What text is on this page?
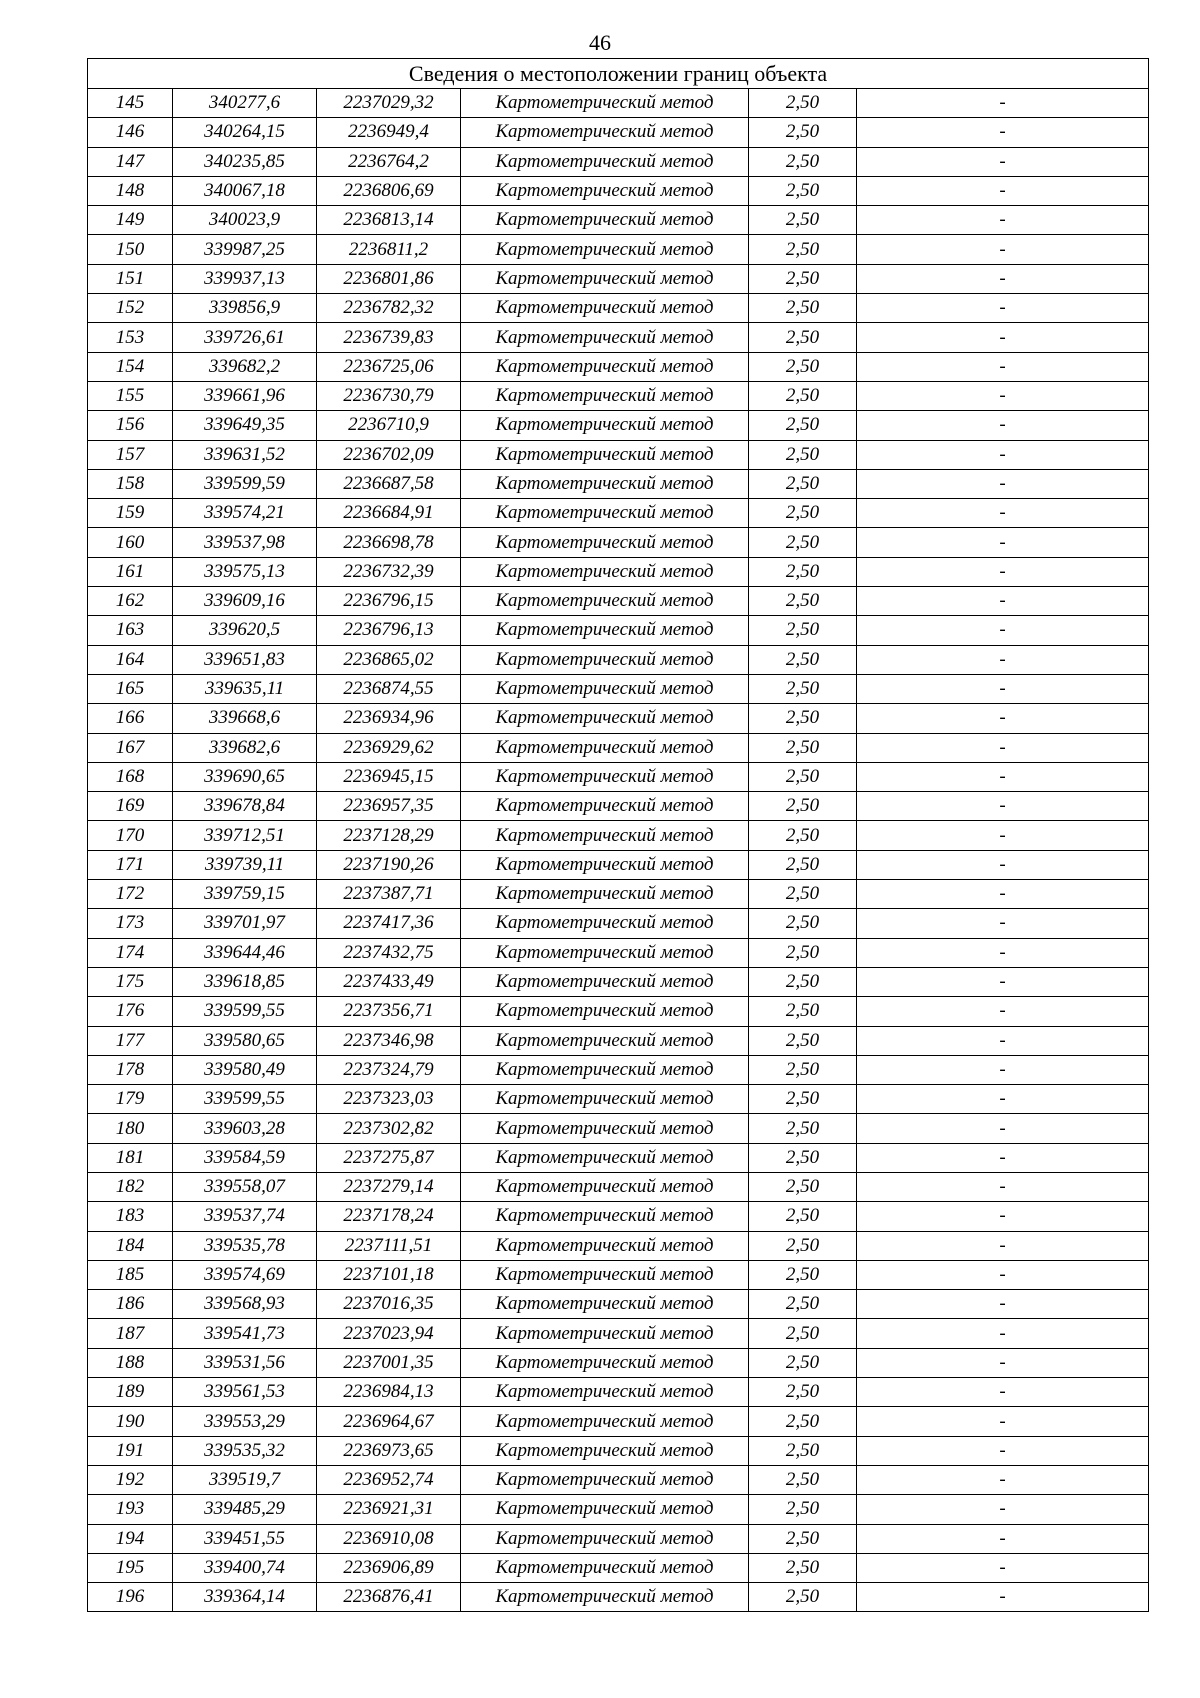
46
Сведения о местоположении границ объекта					
145	340277,6	2237029,32	Картометрический метод	2,50	-
146	340264,15	2236949,4	Картометрический метод	2,50	-
147	340235,85	2236764,2	Картометрический метод	2,50	-
148	340067,18	2236806,69	Картометрический метод	2,50	-
149	340023,9	2236813,14	Картометрический метод	2,50	-
150	339987,25	2236811,2	Картометрический метод	2,50	-
151	339937,13	2236801,86	Картометрический метод	2,50	-
152	339856,9	2236782,32	Картометрический метод	2,50	-
153	339726,61	2236739,83	Картометрический метод	2,50	-
154	339682,2	2236725,06	Картометрический метод	2,50	-
155	339661,96	2236730,79	Картометрический метод	2,50	-
156	339649,35	2236710,9	Картометрический метод	2,50	-
157	339631,52	2236702,09	Картометрический метод	2,50	-
158	339599,59	2236687,58	Картометрический метод	2,50	-
159	339574,21	2236684,91	Картометрический метод	2,50	-
160	339537,98	2236698,78	Картометрический метод	2,50	-
161	339575,13	2236732,39	Картометрический метод	2,50	-
162	339609,16	2236796,15	Картометрический метод	2,50	-
163	339620,5	2236796,13	Картометрический метод	2,50	-
164	339651,83	2236865,02	Картометрический метод	2,50	-
165	339635,11	2236874,55	Картометрический метод	2,50	-
166	339668,6	2236934,96	Картометрический метод	2,50	-
167	339682,6	2236929,62	Картометрический метод	2,50	-
168	339690,65	2236945,15	Картометрический метод	2,50	-
169	339678,84	2236957,35	Картометрический метод	2,50	-
170	339712,51	2237128,29	Картометрический метод	2,50	-
171	339739,11	2237190,26	Картометрический метод	2,50	-
172	339759,15	2237387,71	Картометрический метод	2,50	-
173	339701,97	2237417,36	Картометрический метод	2,50	-
174	339644,46	2237432,75	Картометрический метод	2,50	-
175	339618,85	2237433,49	Картометрический метод	2,50	-
176	339599,55	2237356,71	Картометрический метод	2,50	-
177	339580,65	2237346,98	Картометрический метод	2,50	-
178	339580,49	2237324,79	Картометрический метод	2,50	-
179	339599,55	2237323,03	Картометрический метод	2,50	-
180	339603,28	2237302,82	Картометрический метод	2,50	-
181	339584,59	2237275,87	Картометрический метод	2,50	-
182	339558,07	2237279,14	Картометрический метод	2,50	-
183	339537,74	2237178,24	Картометрический метод	2,50	-
184	339535,78	2237111,51	Картометрический метод	2,50	-
185	339574,69	2237101,18	Картометрический метод	2,50	-
186	339568,93	2237016,35	Картометрический метод	2,50	-
187	339541,73	2237023,94	Картометрический метод	2,50	-
188	339531,56	2237001,35	Картометрический метод	2,50	-
189	339561,53	2236984,13	Картометрический метод	2,50	-
190	339553,29	2236964,67	Картометрический метод	2,50	-
191	339535,32	2236973,65	Картометрический метод	2,50	-
192	339519,7	2236952,74	Картометрический метод	2,50	-
193	339485,29	2236921,31	Картометрический метод	2,50	-
194	339451,55	2236910,08	Картометрический метод	2,50	-
195	339400,74	2236906,89	Картометрический метод	2,50	-
196	339364,14	2236876,41	Картометрический метод	2,50	-
